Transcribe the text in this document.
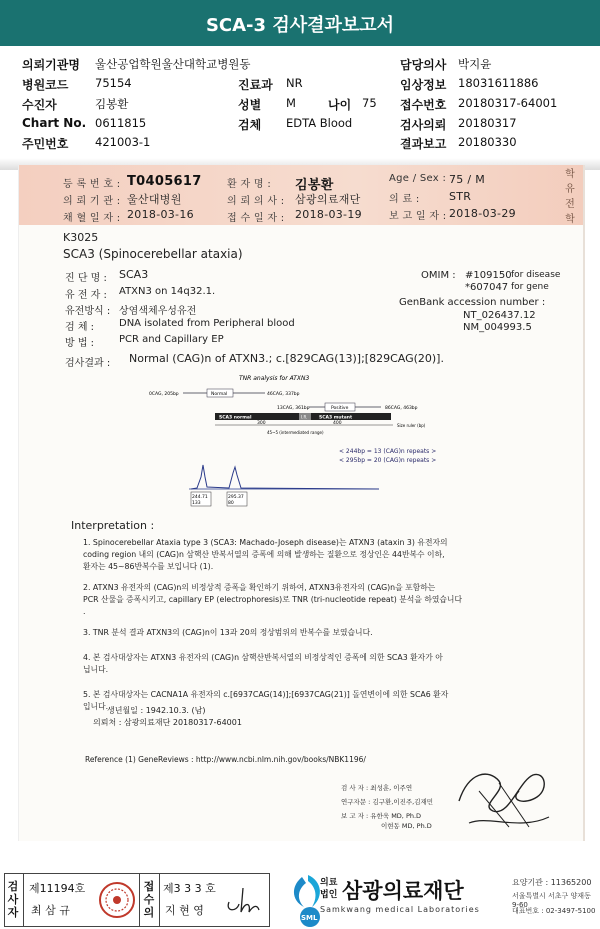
SCA-3 검사결과보고서
의뢰기관명 울산공업학원울산대학교병원동	담당의사 박지윤
병원코드 75154	진료과 NR	임상정보 18031611886
수진자	김봉환	성별 M	나이 75 접수번호 20180317-64001
Chart No. 0611815	검체 EDTA Blood	검사의뢰 20180317
주민번호 421003-1	결과보고 20180330
등 록 번 호 : T0405617	환 자 명 : 김봉환	Age / Sex : 75 / M
의 뢰 기 관 : 울산대병원	의 뢰 의 사 : 삼광의료재단	의 료 :	STR
채 혈 일 자 : 2018-03-16	접 수 일 자 : 2018-03-19	보 고 일 자 : 2018-03-29
학 유 전 학
K3025
SCA3 (Spinocerebellar ataxia)
진 단 명 : SCA3
유 전 자 : ATXN3 on 14q32.1.
유전방식 : 상염색체우성유전
검 체 : DNA isolated from Peripheral blood
방 법 : PCR and Capillary EP
OMIM : #109150 for disease
*607047 for gene
GenBank accession number :
NT_026437.12
NM_004993.5
검사결과 : Normal (CAG)n of ATXN3.; c.[829CAG(13)];[829CAG(20)].
TNR analysis for ATXN3
0CAG, 205bp	46CAG, 337bp
Normal
13CAG, 361bp	Positive	86CAG, 463bp
SCA3 normal	I.R.	SCA3 mutant
300	400	Size ruler (bp)
45~5 (intermediated range)
< 244bp = 13 (CAG)n repeats >
< 295bp = 20 (CAG)n repeats >
244.71
133
295.37
80
Interpretation :

1. Spinocerebellar Ataxia type 3 (SCA3: Machado-Joseph disease)는 ATXN3 (ataxin 3) 유전자의

coding region 내의 (CAG)n 삼핵산 반복서열의 증폭에 의해 발생하는 질환으로 정상인은 44반복수 이하,

환자는 45~86반복수를 보입니다 (1).

2. ATXN3 유전자의 (CAG)n의 비정상적 증폭을 확인하기 위하여, ATXN3유전자의 (CAG)n을 포함하는

PCR 산물을 증폭시키고, capillary EP (electrophoresis)로 TNR (tri-nucleotide repeat) 분석을 하였습니다

.

3. TNR 분석 결과 ATXN3의 (CAG)n이 13과 20의 정상범위의 반복수를 보였습니다.

4. 본 검사대상자는 ATXN3 유전자의 (CAG)n 삼핵산반복서열의 비정상적인 증폭에 의한 SCA3 환자가 아

닙니다.

5. 본 검사대상자는 CACNA1A 유전자의 c.[6937CAG(14)];[6937CAG(21)] 돌연변이에 의한 SCA6 환자

입니다.

생년월일 : 1942.10.3. (남)
의뢰처 : 삼광의료재단 20180317-64001
Reference (1) GeneReviews : http://www.ncbi.nlm.nih.gov/books/NBK1196/
검 사 자 : 최성훈, 이주연
연구자문 : 김구환,이진주,김재민
보 고 자 : 유한욱 MD, Ph.D
이현동 MD, Ph.D
검사자
제11194호
최 삼 규
접수의
제3 3 3 호
지 현 영
SML
의료
법인 삼광의료재단
Samkwang medical Laboratories
요양기관 : 11365200
서울특별시 서초구 양재동 9-60
대표번호 : 02-3497-5100
